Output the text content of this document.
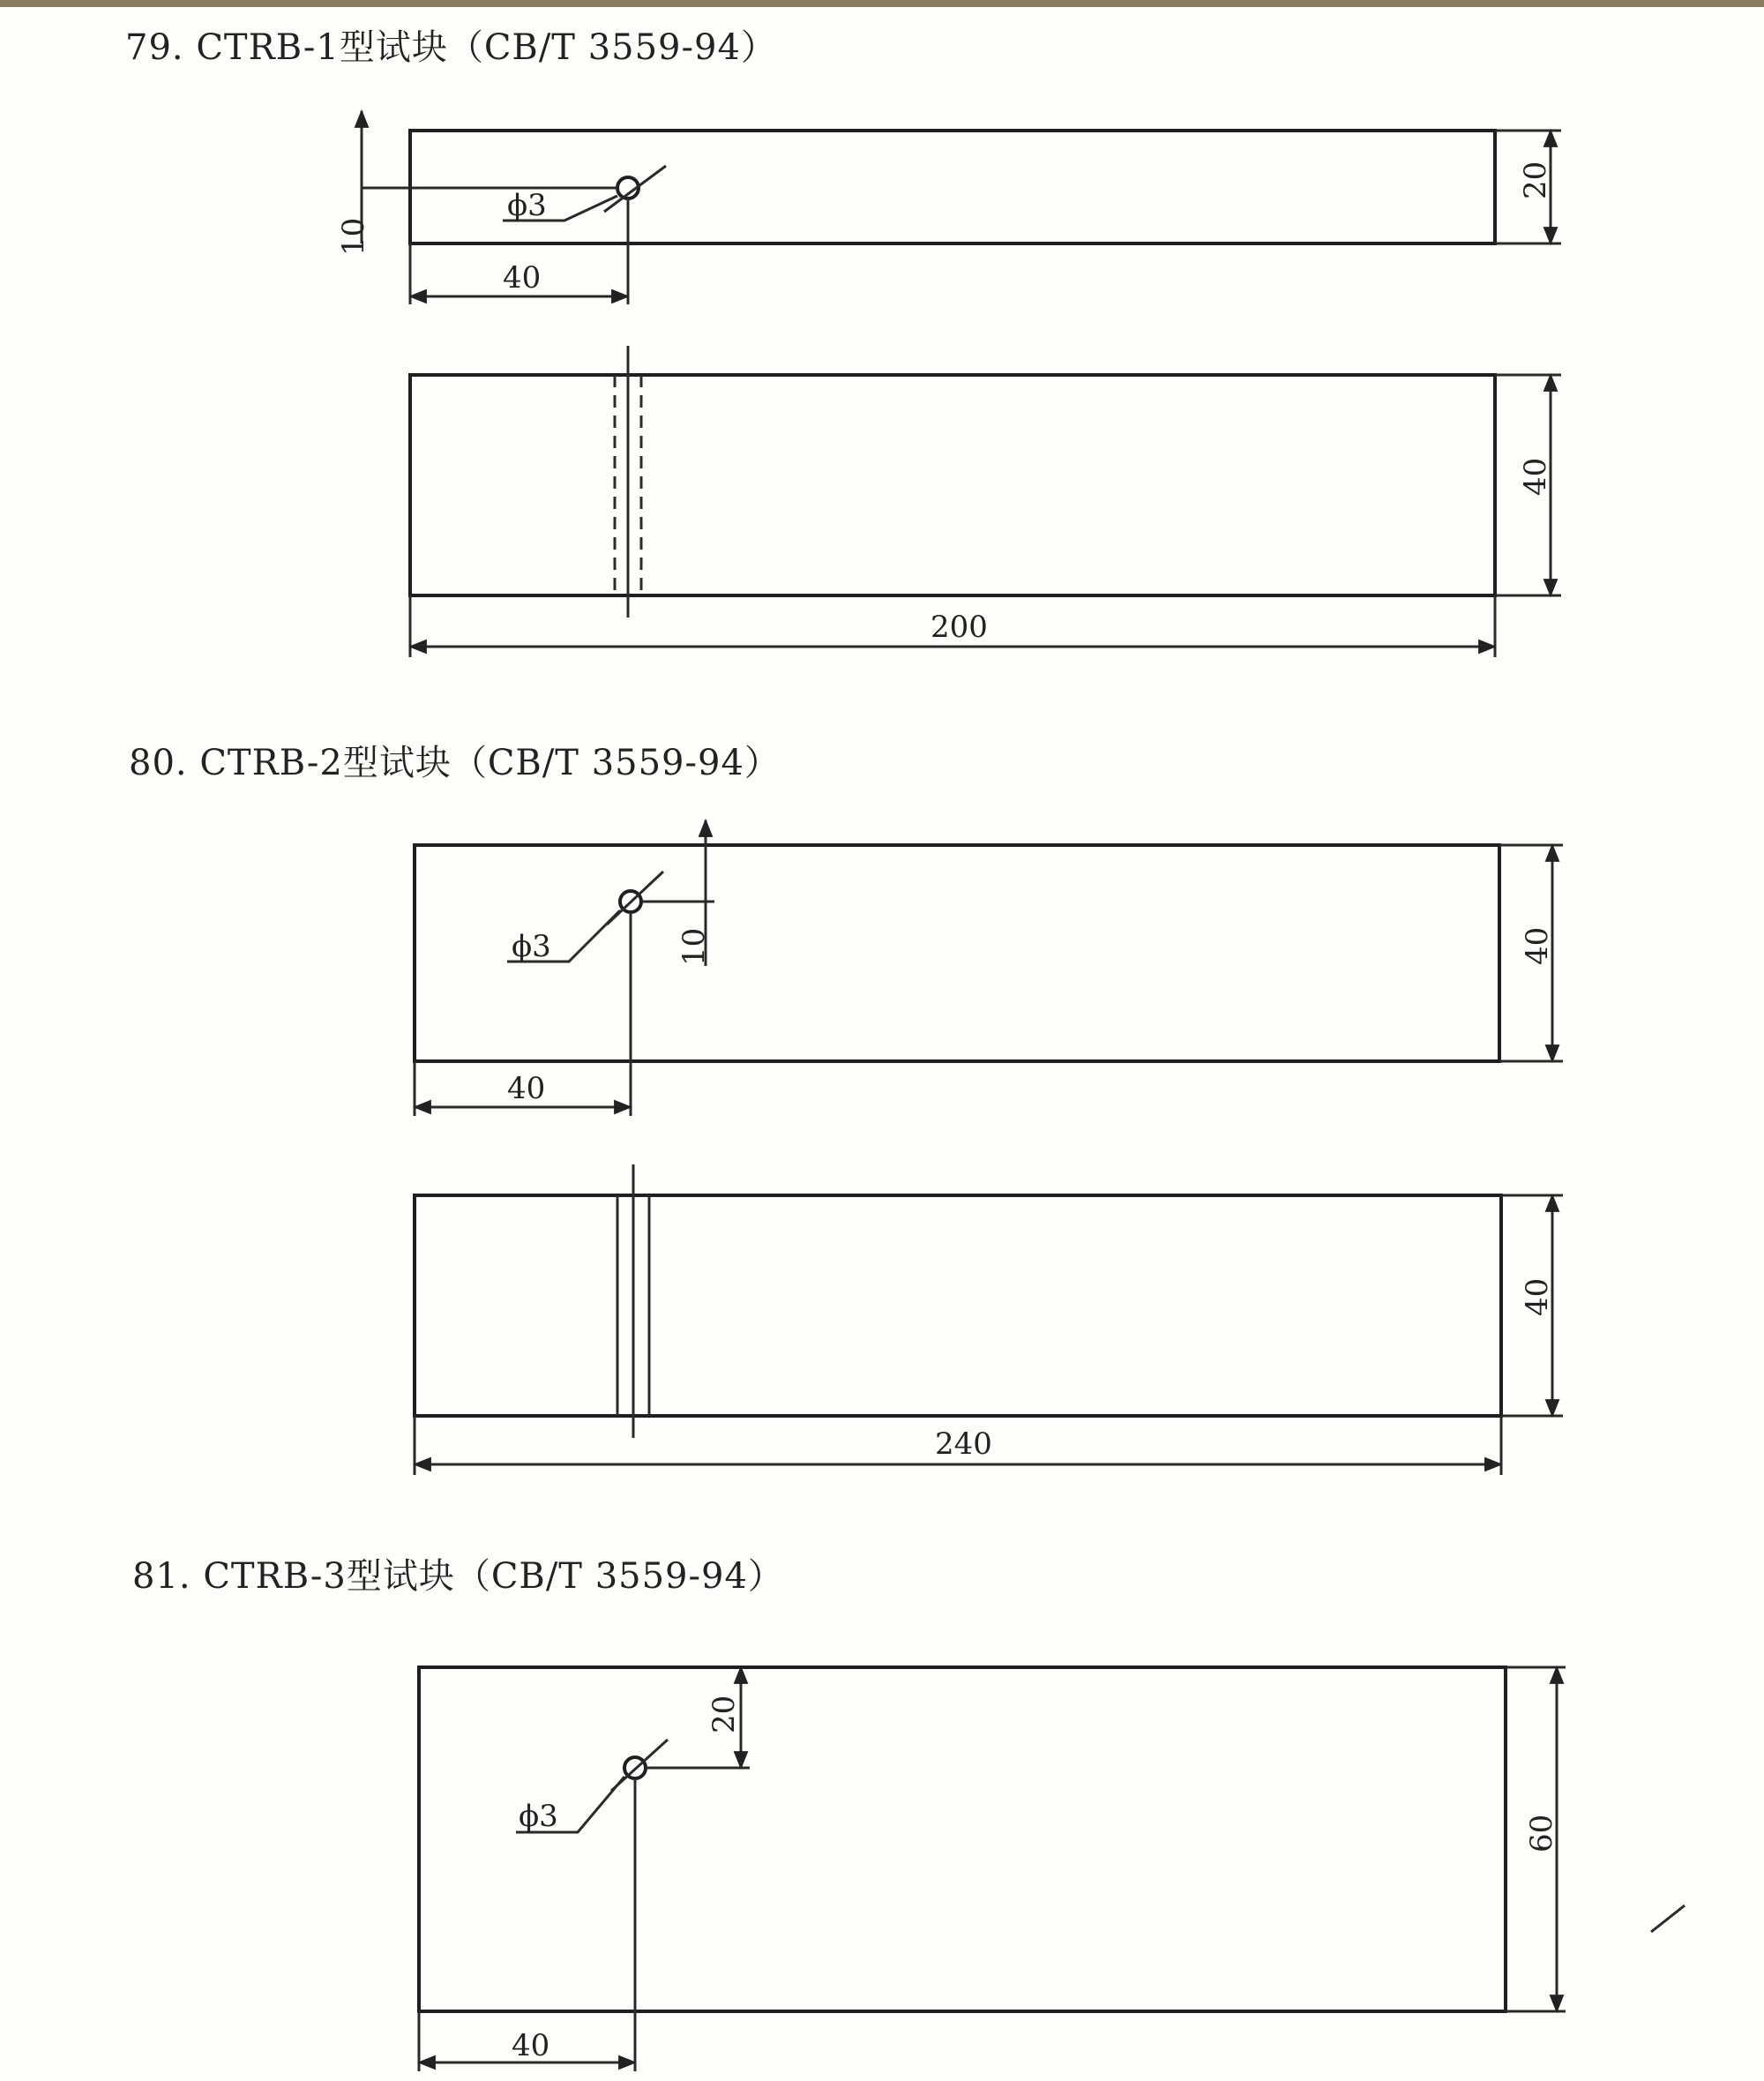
79. CTRB-1型试块（CB/T 3559-94）
80. CTRB-2型试块（CB/T 3559-94）
81. CTRB-3型试块（CB/T 3559-94）
ϕ3
10
40
20
40
200
ϕ3	10
40
40
40
240
ϕ3
20
40
60
